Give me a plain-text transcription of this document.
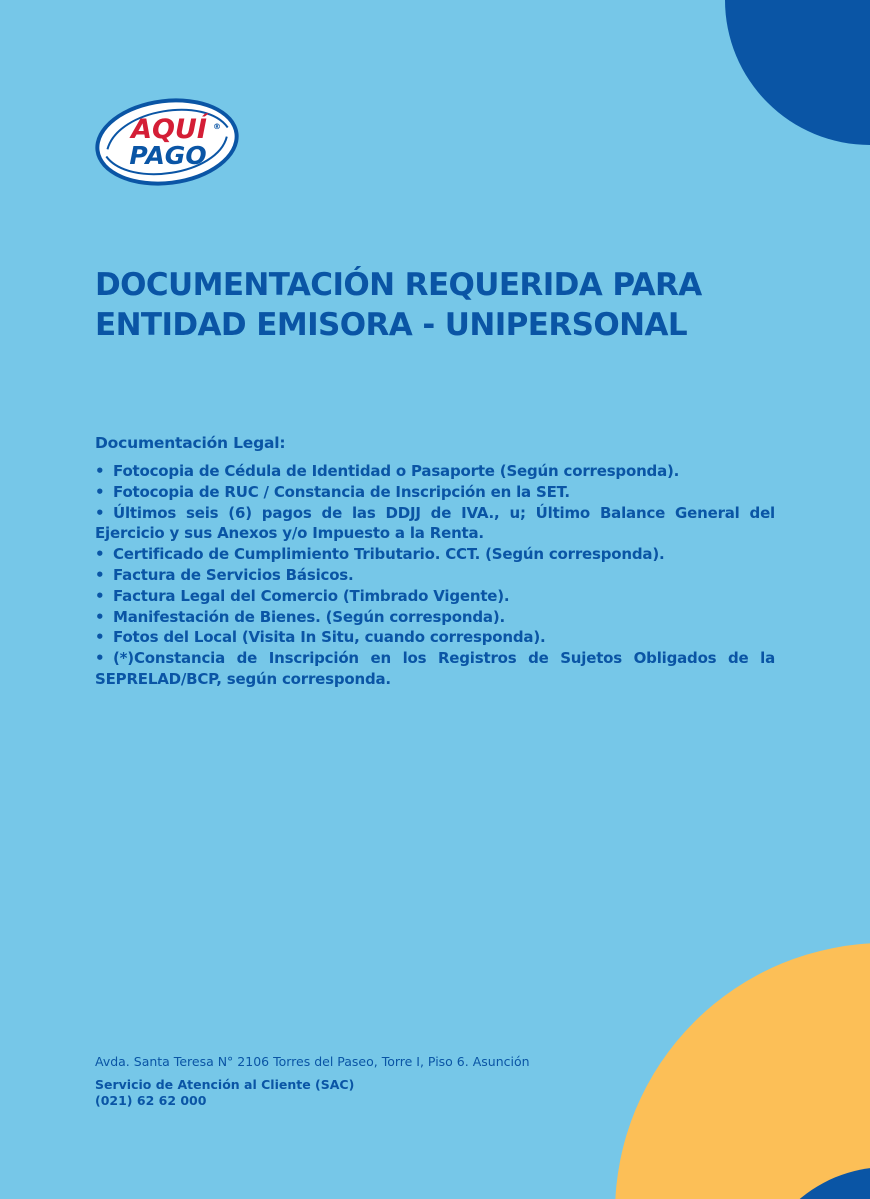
AQUÍ
PAGO
®
DOCUMENTACIÓN REQUERIDA PARA
ENTIDAD EMISORA - UNIPERSONAL
Documentación Legal:
• Fotocopia de Cédula de Identidad o Pasaporte (Según corresponda).
• Fotocopia de RUC / Constancia de Inscripción en la SET.
• Últimos seis (6) pagos de las DDJJ de IVA., u; Último Balance General del Ejercicio y sus Anexos y/o Impuesto a la Renta.
• Certificado de Cumplimiento Tributario. CCT. (Según corresponda).
• Factura de Servicios Básicos.
• Factura Legal del Comercio (Timbrado Vigente).
• Manifestación de Bienes. (Según corresponda).
• Fotos del Local (Visita In Situ, cuando corresponda).
• (*)Constancia de Inscripción en los Registros de Sujetos Obligados de la SEPRELAD/BCP, según corresponda.
Avda. Santa Teresa N° 2106 Torres del Paseo, Torre I, Piso 6. Asunción
Servicio de Atención al Cliente (SAC)
(021) 62 62 000
